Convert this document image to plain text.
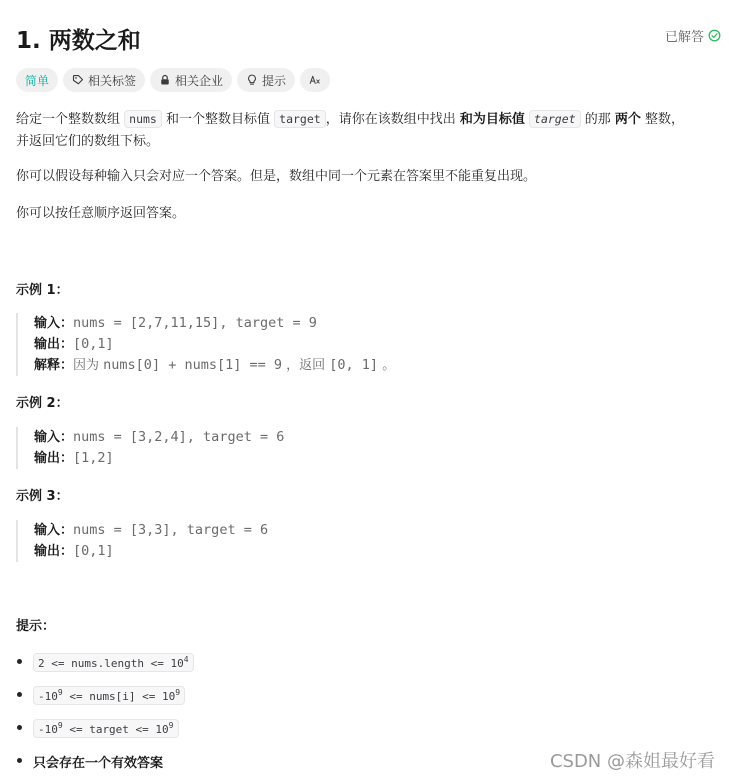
1. 两数之和	已解答
简单	相关标签	相关企业	提示
给定一个整数数组 nums 和一个整数目标值 target ，请你在该数组中找出 和为目标值 target 的那 两个 整数，
并返回它们的数组下标。
你可以假设每种输入只会对应一个答案。但是，数组中同一个元素在答案里不能重复出现。
你可以按任意顺序返回答案。
示例 1：
输入：nums = [2,7,11,15], target = 9
输出：[0,1]
解释：因为 nums[0] + nums[1] == 9 ，返回 [0, 1] 。
示例 2：
输入：nums = [3,2,4], target = 6
输出：[1,2]
示例 3：
输入：nums = [3,3], target = 6
输出：[0,1]
提示：
2 <= nums.length <= $10^4$
$-10^9$ <= nums[i] <= $10^9$
$-10^9$ <= target <= $10^9$
只会存在一个有效答案	CSDN @森姐最好看
